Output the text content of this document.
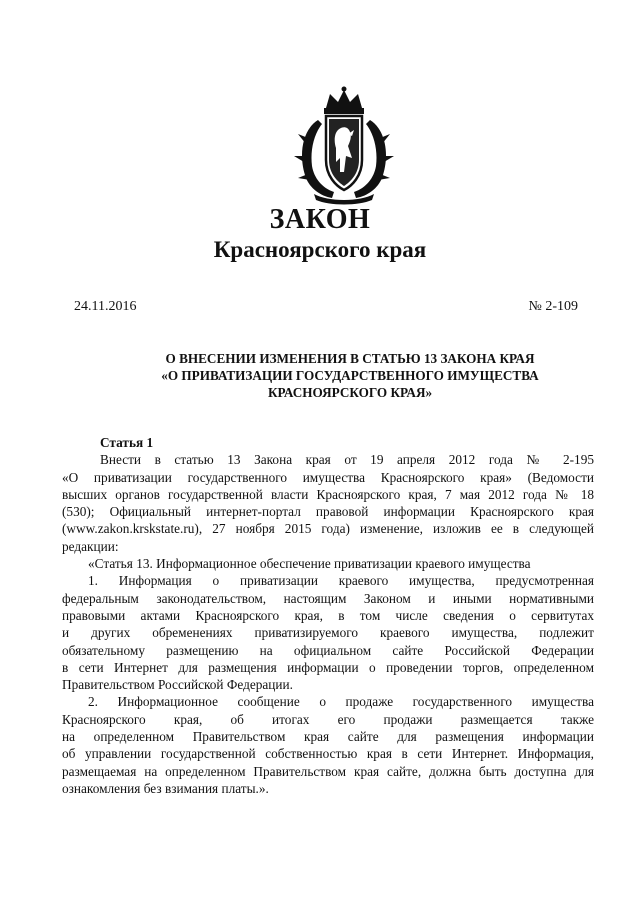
ЗАКОН
Красноярского края
24.11.2016	№ 2-109
О ВНЕСЕНИИ ИЗМЕНЕНИЯ В СТАТЬЮ 13 ЗАКОНА КРАЯ
«О ПРИВАТИЗАЦИИ ГОСУДАРСТВЕННОГО ИМУЩЕСТВА
КРАСНОЯРСКОГО КРАЯ»
Статья 1
Внести в статью 13 Закона края от 19 апреля 2012 года № 2-195
«О приватизации государственного имущества Красноярского края» (Ведомости
высших органов государственной власти Красноярского края, 7 мая 2012 года № 18
(530); Официальный интернет-портал правовой информации Красноярского края
(www.zakon.krskstate.ru), 27 ноября 2015 года) изменение, изложив ее в следующей
редакции:
«Статья 13. Информационное обеспечение приватизации краевого имущества
1. Информация о приватизации краевого имущества, предусмотренная
федеральным законодательством, настоящим Законом и иными нормативными
правовыми актами Красноярского края, в том числе сведения о сервитутах
и других обременениях приватизируемого краевого имущества, подлежит
обязательному размещению на официальном сайте Российской Федерации
в сети Интернет для размещения информации о проведении торгов, определенном
Правительством Российской Федерации.
2. Информационное сообщение о продаже государственного имущества
Красноярского края, об итогах его продажи размещается также
на определенном Правительством края сайте для размещения информации
об управлении государственной собственностью края в сети Интернет. Информация,
размещаемая на определенном Правительством края сайте, должна быть доступна для
ознакомления без взимания платы.».
